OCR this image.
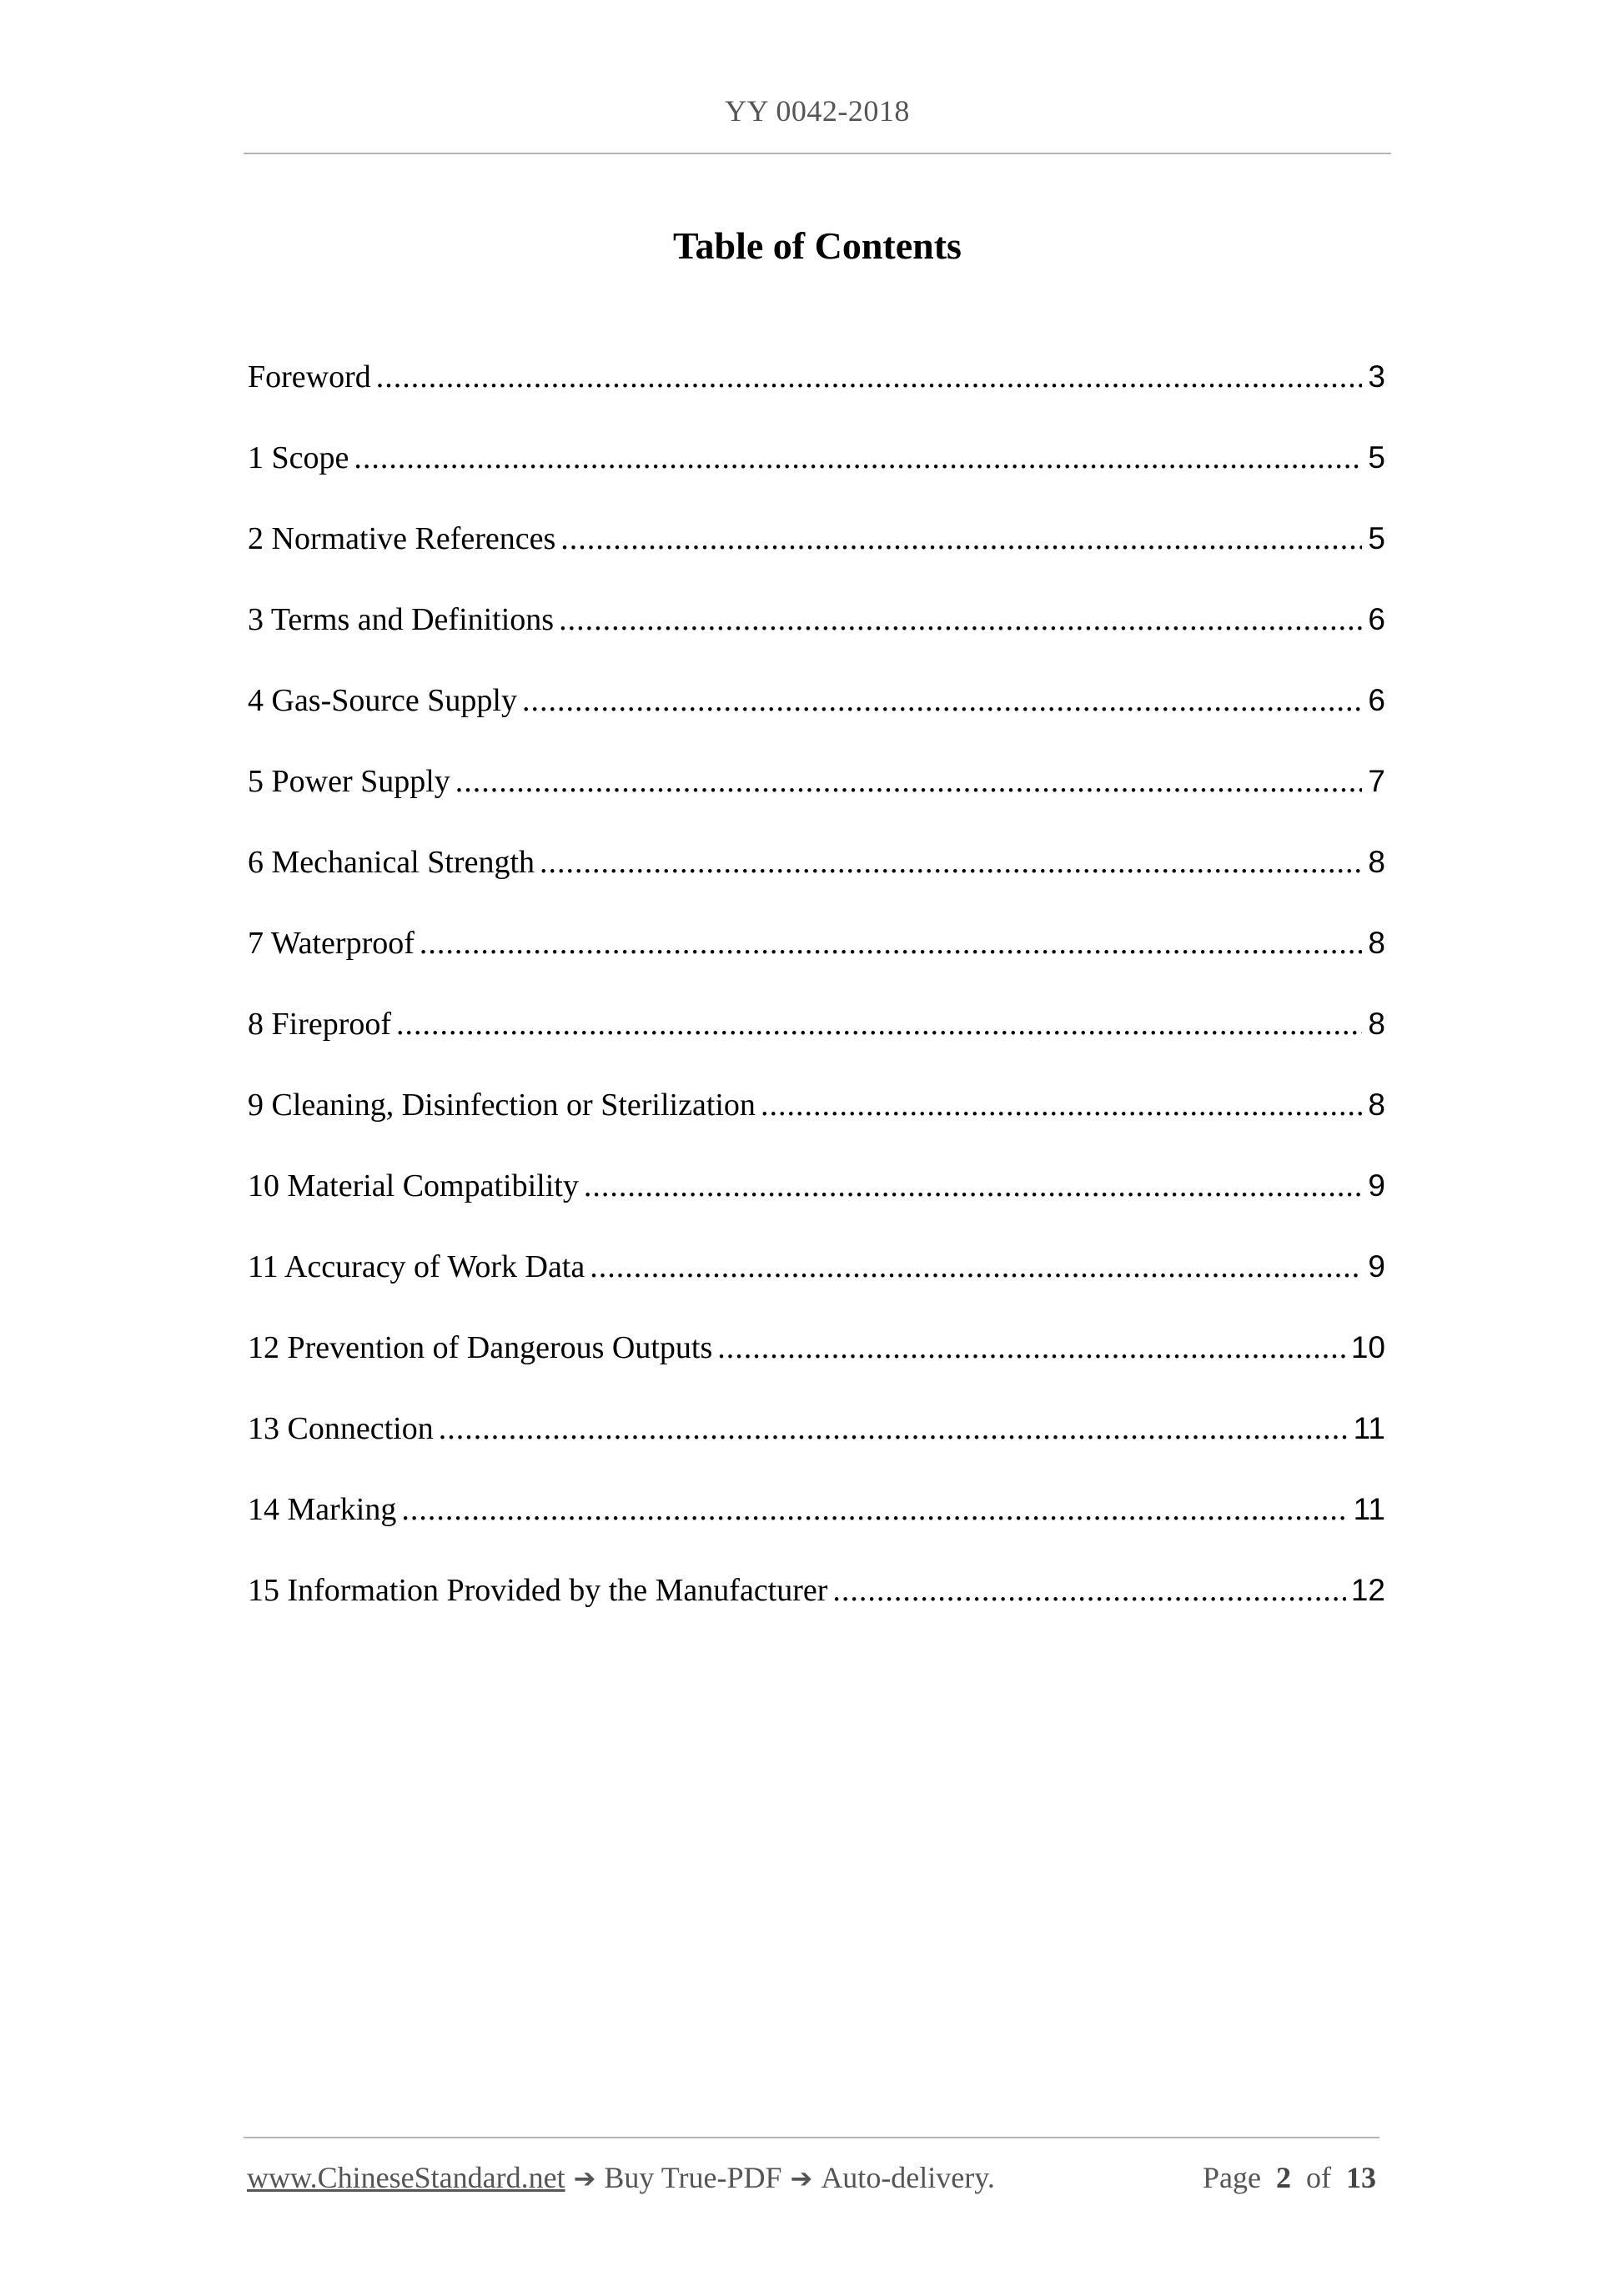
YY 0042-2018
Table of Contents
Foreword .....	3
1 Scope .....	5
2 Normative References .....	5
3 Terms and Definitions .....	6
4 Gas-Source Supply .....	6
5 Power Supply .....	7
6 Mechanical Strength .....	8
7 Waterproof .....	8
8 Fireproof .....	8
9 Cleaning, Disinfection or Sterilization .....	8
10 Material Compatibility .....	9
11 Accuracy of Work Data .....	9
12 Prevention of Dangerous Outputs .....	10
13 Connection .....	11
14 Marking .....	11
15 Information Provided by the Manufacturer .....	12
www.ChineseStandard.net ➔ Buy True-PDF ➔ Auto-delivery.	Page 2 of 13
